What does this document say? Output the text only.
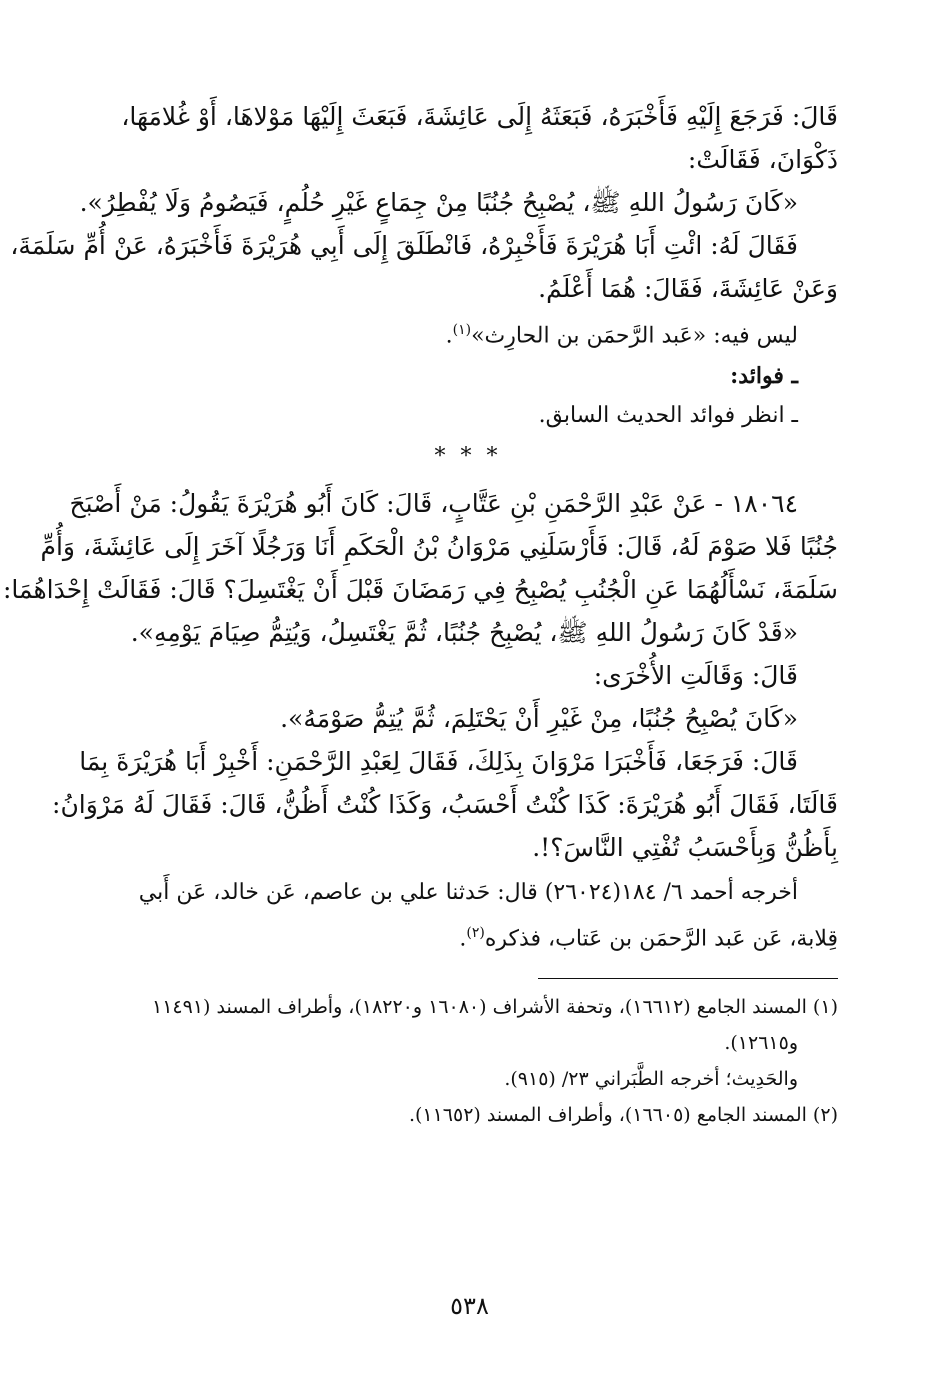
قَالَ: فَرَجَعَ إِلَيْهِ فَأَخْبَرَهُ، فَبَعَثَهُ إِلَى عَائِشَةَ، فَبَعَثَ إِلَيْهَا مَوْلاهَا، أَوْ غُلامَهَا،
ذَكْوَانَ، فَقَالَتْ:
«كَانَ رَسُولُ اللهِ ﷺ، يُصْبِحُ جُنُبًا مِنْ جِمَاعٍ غَيْرِ حُلُمٍ، فَيَصُومُ وَلَا يُفْطِرُ».
فَقَالَ لَهُ: ائْتِ أَبَا هُرَيْرَةَ فَأَخْبِرْهُ، فَانْطَلَقَ إِلَى أَبِي هُرَيْرَةَ فَأَخْبَرَهُ، عَنْ أُمِّ سَلَمَةَ،
وَعَنْ عَائِشَةَ، فَقَالَ: هُمَا أَعْلَمُ.
ليس فيه: «عَبد الرَّحمَن بن الحارِث»$^{(١)}$.
ـ فوائد:
ـ انظر فوائد الحديث السابق.
* * *
١٨٠٦٤ - عَنْ عَبْدِ الرَّحْمَنِ بْنِ عَتَّابٍ، قَالَ: كَانَ أَبُو هُرَيْرَةَ يَقُولُ: مَنْ أَصْبَحَ
جُنُبًا فَلا صَوْمَ لَهُ، قَالَ: فَأَرْسَلَنِي مَرْوَانُ بْنُ الْحَكَمِ أَنَا وَرَجُلًا آخَرَ إِلَى عَائِشَةَ، وَأُمِّ
سَلَمَةَ، نَسْأَلُهُمَا عَنِ الْجُنُبِ يُصْبِحُ فِي رَمَضَانَ قَبْلَ أَنْ يَغْتَسِلَ؟ قَالَ: فَقَالَتْ إِحْدَاهُمَا:
«قَدْ كَانَ رَسُولُ اللهِ ﷺ، يُصْبِحُ جُنُبًا، ثُمَّ يَغْتَسِلُ، وَيُتِمُّ صِيَامَ يَوْمِهِ».
قَالَ: وَقَالَتِ الأُخْرَى:
«كَانَ يُصْبِحُ جُنُبًا، مِنْ غَيْرِ أَنْ يَحْتَلِمَ، ثُمَّ يُتِمُّ صَوْمَهُ».
قَالَ: فَرَجَعَا، فَأَخْبَرَا مَرْوَانَ بِذَلِكَ، فَقَالَ لِعَبْدِ الرَّحْمَنِ: أَخْبِرْ أَبَا هُرَيْرَةَ بِمَا
قَالَتَا، فَقَالَ أَبُو هُرَيْرَةَ: كَذَا كُنْتُ أَحْسَبُ، وَكَذَا كُنْتُ أَظُنُّ، قَالَ: فَقَالَ لَهُ مَرْوَانُ:
بِأَظُنُّ وَبِأَحْسَبُ تُفْتِي النَّاسَ؟!.
أخرجه أحمد ٦/ ١٨٤(٢٦٠٢٤) قال: حَدثنا علي بن عاصم، عَن خالد، عَن أَبي
قِلابة، عَن عَبد الرَّحمَن بن عَتاب، فذكره$^{(٢)}$.
(١) المسند الجامع (١٦٦١٢)، وتحفة الأشراف (١٦٠٨٠ و١٨٢٢٠)، وأطراف المسند (١١٤٩١
و١٢٦١٥).
والحَدِيث؛ أخرجه الطَّبَراني ٢٣/ (٩١٥).
(٢) المسند الجامع (١٦٦٠٥)، وأطراف المسند (١١٦٥٢).
٥٣٨
